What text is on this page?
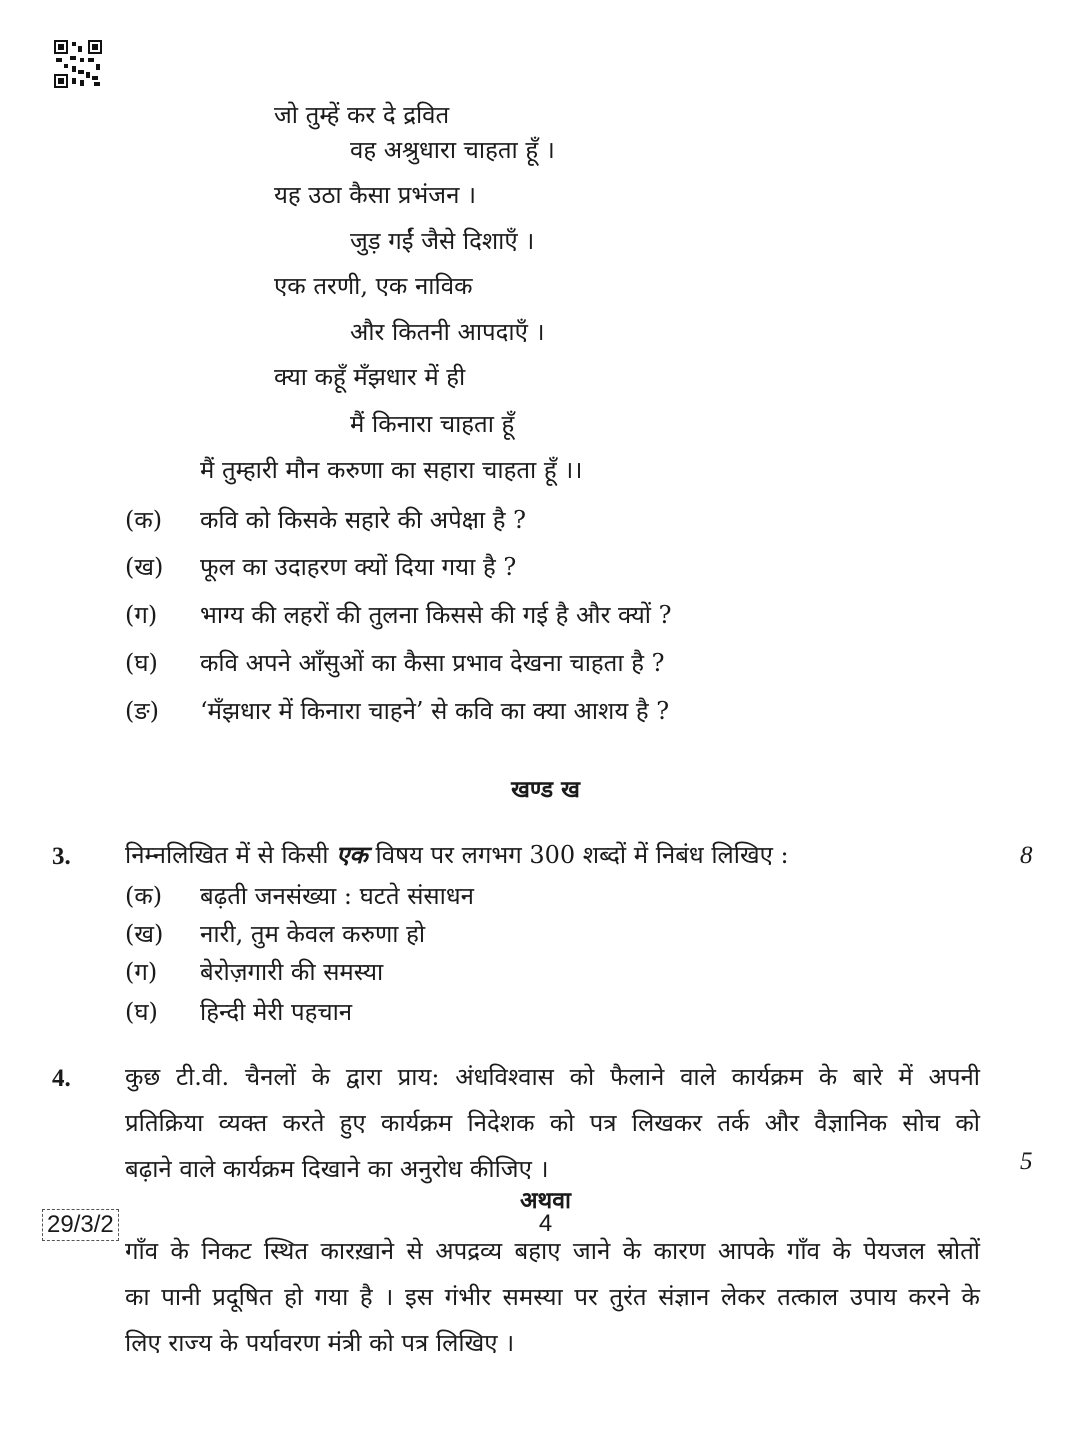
जो तुम्हें कर दे द्रवित
वह अश्रुधारा चाहता हूँ ।
यह उठा कैसा प्रभंजन ।
जुड़ गईं जैसे दिशाएँ ।
एक तरणी, एक नाविक
और कितनी आपदाएँ ।
क्या कहूँ मँझधार में ही
मैं किनारा चाहता हूँ
मैं तुम्हारी मौन करुणा का सहारा चाहता हूँ ।।
(क) कवि को किसके सहारे की अपेक्षा है ?
(ख) फूल का उदाहरण क्यों दिया गया है ?
(ग) भाग्य की लहरों की तुलना किससे की गई है और क्यों ?
(घ) कवि अपने आँसुओं का कैसा प्रभाव देखना चाहता है ?
(ङ) ‘मँझधार में किनारा चाहने’ से कवि का क्या आशय है ?
खण्ड ख
3. निम्नलिखित में से किसी एक विषय पर लगभग 300 शब्दों में निबंध लिखिए :	8
(क) बढ़ती जनसंख्या : घटते संसाधन
(ख) नारी, तुम केवल करुणा हो
(ग) बेरोज़गारी की समस्या
(घ) हिन्दी मेरी पहचान
4. कुछ टी.वी. चैनलों के द्वारा प्राय: अंधविश्वास को फैलाने वाले कार्यक्रम के बारे में अपनी
प्रतिक्रिया व्यक्त करते हुए कार्यक्रम निदेशक को पत्र लिखकर तर्क और वैज्ञानिक सोच को
बढ़ाने वाले कार्यक्रम दिखाने का अनुरोध कीजिए ।	5
अथवा
गाँव के निकट स्थित कारख़ाने से अपद्रव्य बहाए जाने के कारण आपके गाँव के पेयजल स्रोतों
का पानी प्रदूषित हो गया है । इस गंभीर समस्या पर तुरंत संज्ञान लेकर तत्काल उपाय करने के
लिए राज्य के पर्यावरण मंत्री को पत्र लिखिए ।
29/3/2	4
